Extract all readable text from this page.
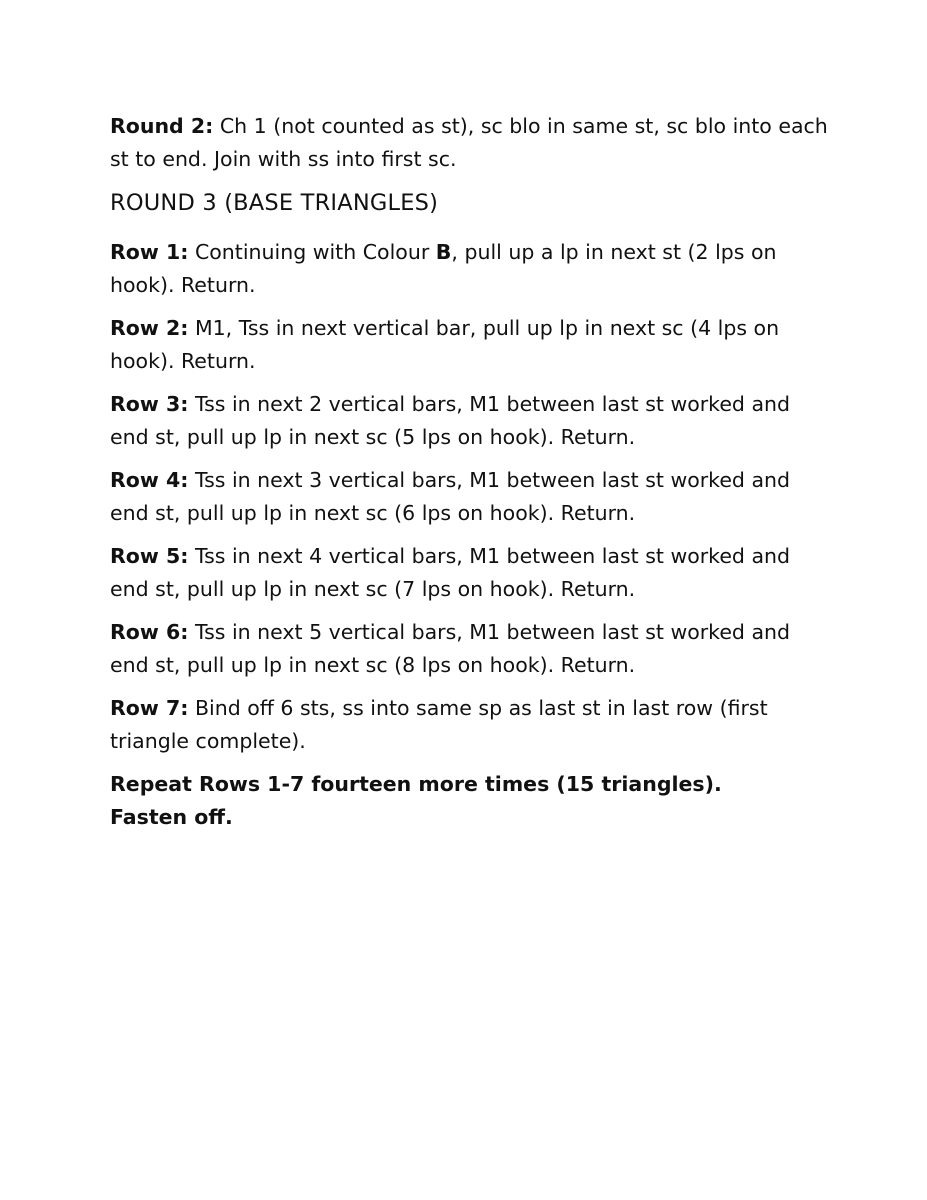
Round 2: Ch 1 (not counted as st), sc blo in same st, sc blo into each st to end. Join with ss into first sc.

ROUND 3 (BASE TRIANGLES)

Row 1: Continuing with Colour B, pull up a lp in next st (2 lps on hook). Return.

Row 2: M1, Tss in next vertical bar, pull up lp in next sc (4 lps on hook). Return.

Row 3: Tss in next 2 vertical bars, M1 between last st worked and end st, pull up lp in next sc (5 lps on hook). Return.

Row 4: Tss in next 3 vertical bars, M1 between last st worked and end st, pull up lp in next sc (6 lps on hook). Return.

Row 5: Tss in next 4 vertical bars, M1 between last st worked and end st, pull up lp in next sc (7 lps on hook). Return.

Row 6: Tss in next 5 vertical bars, M1 between last st worked and end st, pull up lp in next sc (8 lps on hook). Return.

Row 7: Bind off 6 sts, ss into same sp as last st in last row (first triangle complete).

Repeat Rows 1-7 fourteen more times (15 triangles).
Fasten off.
